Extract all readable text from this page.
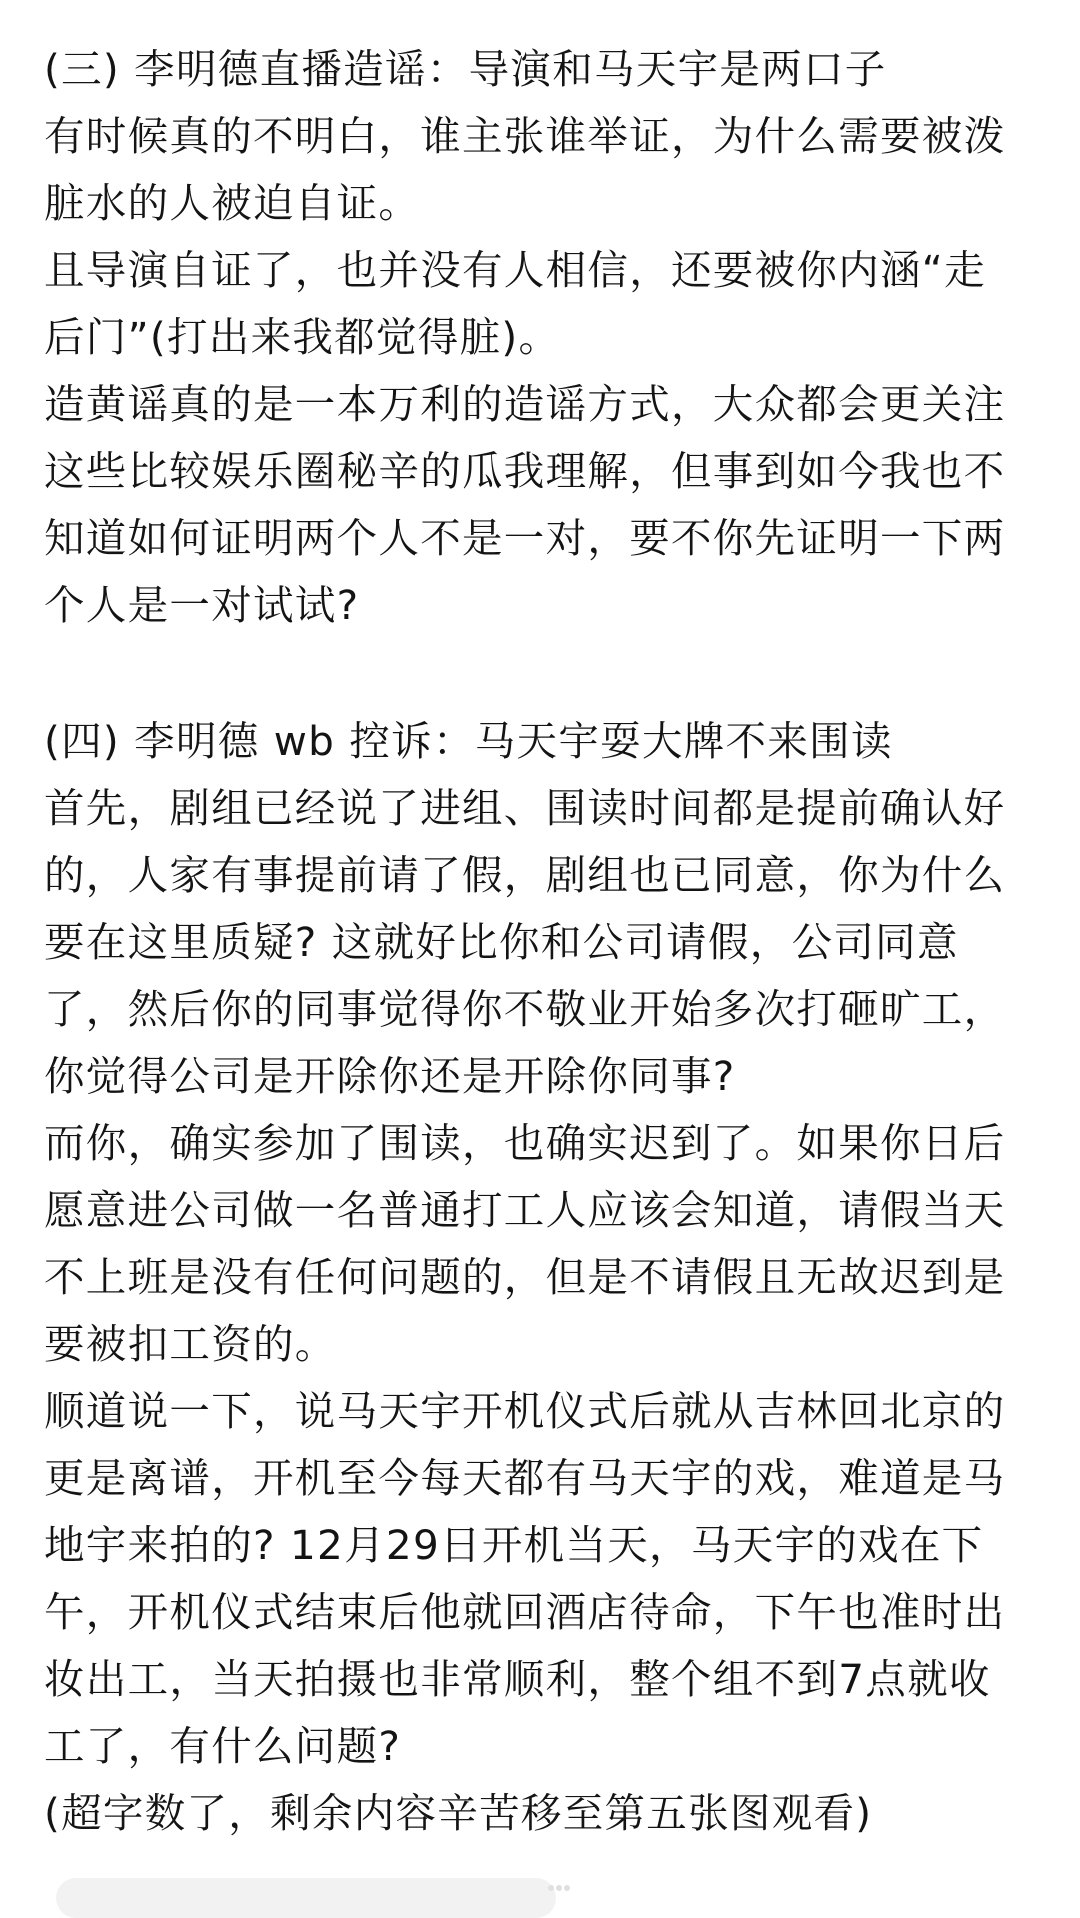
(三) 李明德直播造谣：导演和马天宇是两口子
有时候真的不明白，谁主张谁举证，为什么需要被泼
脏水的人被迫自证。
且导演自证了，也并没有人相信，还要被你内涵“走
后门”(打出来我都觉得脏)。
造黄谣真的是一本万利的造谣方式，大众都会更关注
这些比较娱乐圈秘辛的瓜我理解，但事到如今我也不
知道如何证明两个人不是一对，要不你先证明一下两
个人是一对试试?
(四) 李明德 wb 控诉：马天宇耍大牌不来围读
首先，剧组已经说了进组、围读时间都是提前确认好
的，人家有事提前请了假，剧组也已同意，你为什么
要在这里质疑? 这就好比你和公司请假，公司同意
了，然后你的同事觉得你不敬业开始多次打砸旷工，
你觉得公司是开除你还是开除你同事?
而你，确实参加了围读，也确实迟到了。如果你日后
愿意进公司做一名普通打工人应该会知道，请假当天
不上班是没有任何问题的，但是不请假且无故迟到是
要被扣工资的。
顺道说一下，说马天宇开机仪式后就从吉林回北京的
更是离谱，开机至今每天都有马天宇的戏，难道是马
地宇来拍的? 12月29日开机当天，马天宇的戏在下
午，开机仪式结束后他就回酒店待命，下午也准时出
妆出工，当天拍摄也非常顺利，整个组不到7点就收
工了，有什么问题?
(超字数了，剩余内容辛苦移至第五张图观看)
